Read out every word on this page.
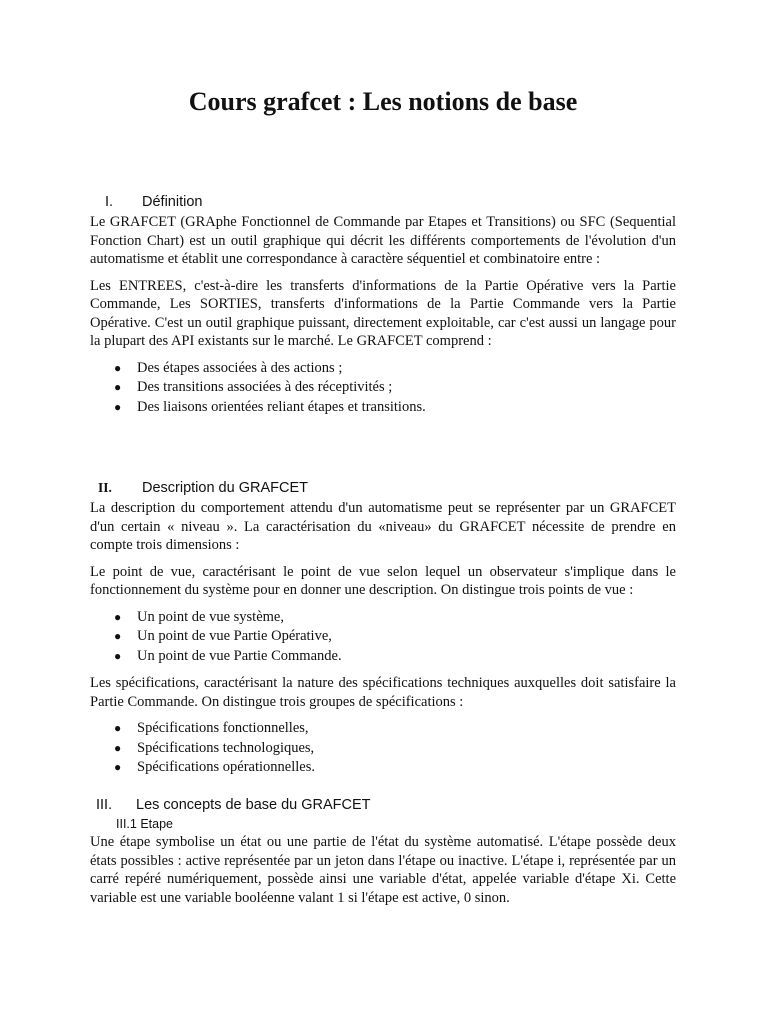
Cours grafcet : Les notions de base
I. Définition

Le GRAFCET (GRAphe Fonctionnel de Commande par Etapes et Transitions) ou SFC (Sequential Fonction Chart) est un outil graphique qui décrit les différents comportements de l'évolution d'un automatisme et établit une correspondance à caractère séquentiel et combinatoire entre :

Les ENTREES, c'est-à-dire les transferts d'informations de la Partie Opérative vers la Partie Commande, Les SORTIES, transferts d'informations de la Partie Commande vers la Partie Opérative. C'est un outil graphique puissant, directement exploitable, car c'est aussi un langage pour la plupart des API existants sur le marché. Le GRAFCET comprend :

● Des étapes associées à des actions ;
● Des transitions associées à des réceptivités ;
● Des liaisons orientées reliant étapes et transitions.
II. Description du GRAFCET

La description du comportement attendu d'un automatisme peut se représenter par un GRAFCET d'un certain « niveau ». La caractérisation du «niveau» du GRAFCET nécessite de prendre en compte trois dimensions :

Le point de vue, caractérisant le point de vue selon lequel un observateur s'implique dans le fonctionnement du système pour en donner une description. On distingue trois points de vue :

● Un point de vue système,
● Un point de vue Partie Opérative,
● Un point de vue Partie Commande.

Les spécifications, caractérisant la nature des spécifications techniques auxquelles doit satisfaire la Partie Commande. On distingue trois groupes de spécifications :

● Spécifications fonctionnelles,
● Spécifications technologiques,
● Spécifications opérationnelles.
III. Les concepts de base du GRAFCET
III.1 Etape

Une étape symbolise un état ou une partie de l'état du système automatisé. L'étape possède deux états possibles : active représentée par un jeton dans l'étape ou inactive. L'étape i, représentée par un carré repéré numériquement, possède ainsi une variable d'état, appelée variable d'étape Xi. Cette variable est une variable booléenne valant 1 si l'étape est active, 0 sinon.
